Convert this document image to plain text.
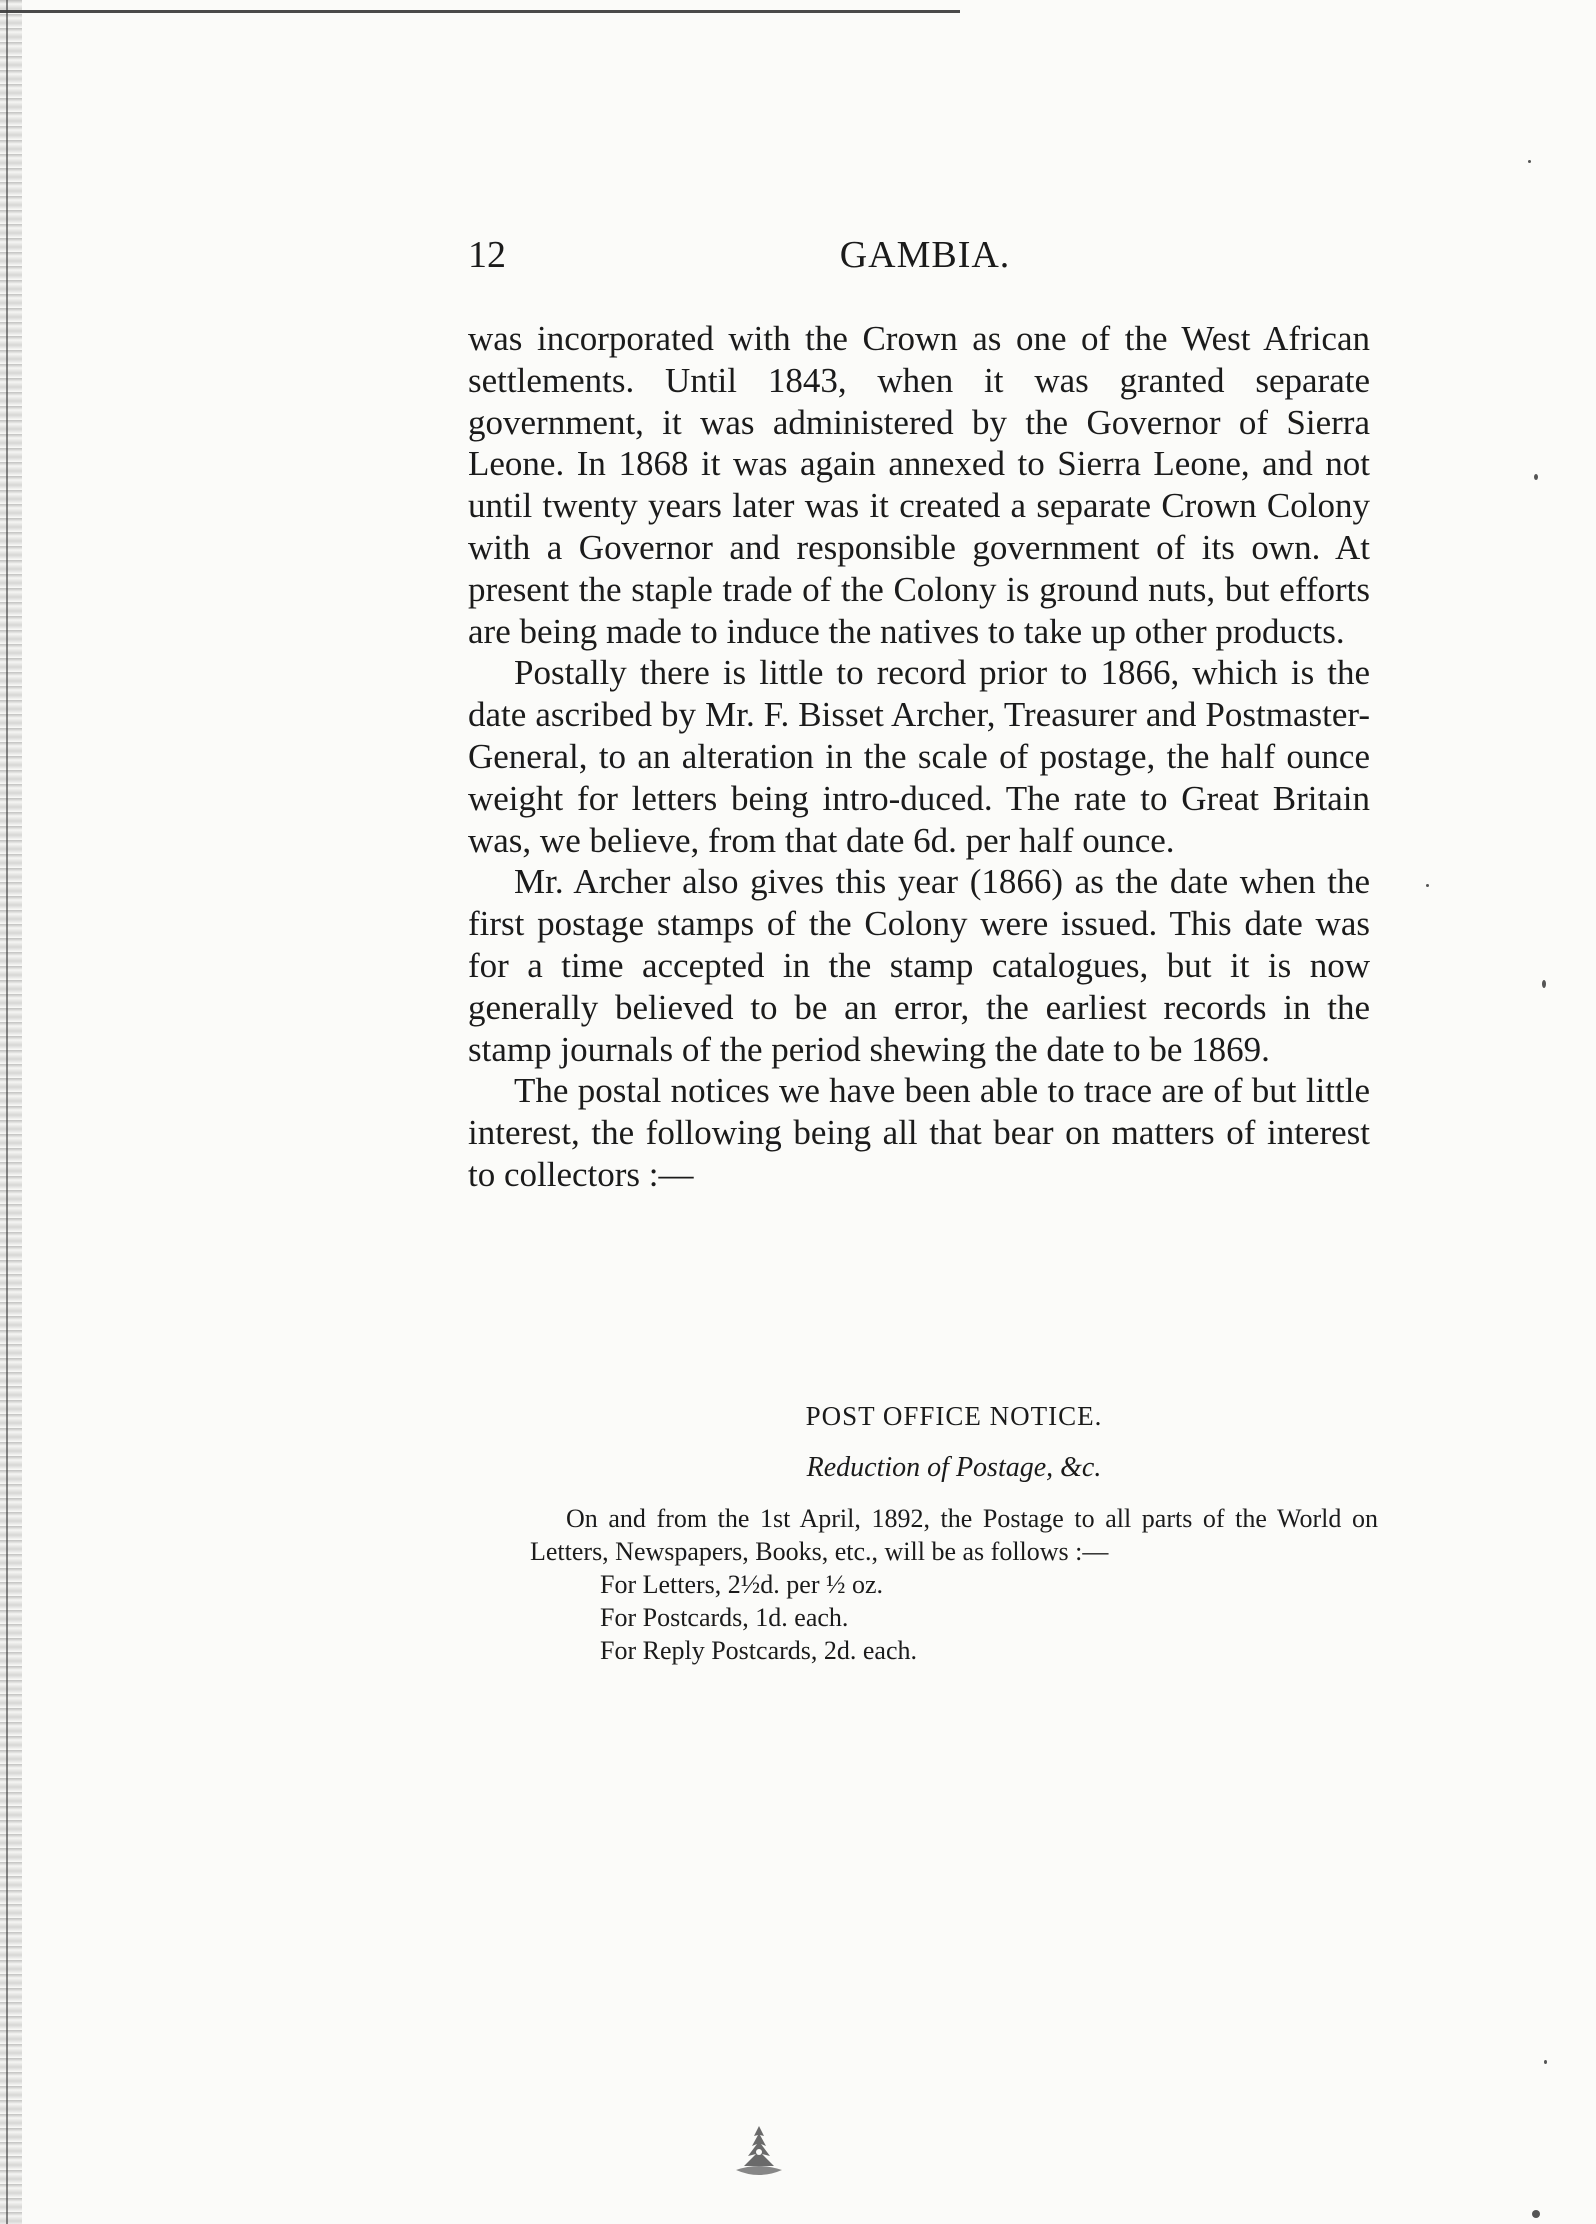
12	GAMBIA.

was incorporated with the Crown as one of the West African settlements. Until 1843, when it was granted separate government, it was administered by the Governor of Sierra Leone. In 1868 it was again annexed to Sierra Leone, and not until twenty years later was it created a separate Crown Colony with a Governor and responsible government of its own. At present the staple trade of the Colony is ground nuts, but efforts are being made to induce the natives to take up other products.

Postally there is little to record prior to 1866, which is the date ascribed by Mr. F. Bisset Archer, Treasurer and Postmaster-General, to an alteration in the scale of postage, the half ounce weight for letters being intro-duced. The rate to Great Britain was, we believe, from that date 6d. per half ounce.

Mr. Archer also gives this year (1866) as the date when the first postage stamps of the Colony were issued. This date was for a time accepted in the stamp catalogues, but it is now generally believed to be an error, the earliest records in the stamp journals of the period shewing the date to be 1869.

The postal notices we have been able to trace are of but little interest, the following being all that bear on matters of interest to collectors :—

POST OFFICE NOTICE.

Reduction of Postage, &c.

On and from the 1st April, 1892, the Postage to all parts of the World on Letters, Newspapers, Books, etc., will be as follows :—

For Letters, 2½d. per ½ oz.
For Postcards, 1d. each.
For Reply Postcards, 2d. each.
